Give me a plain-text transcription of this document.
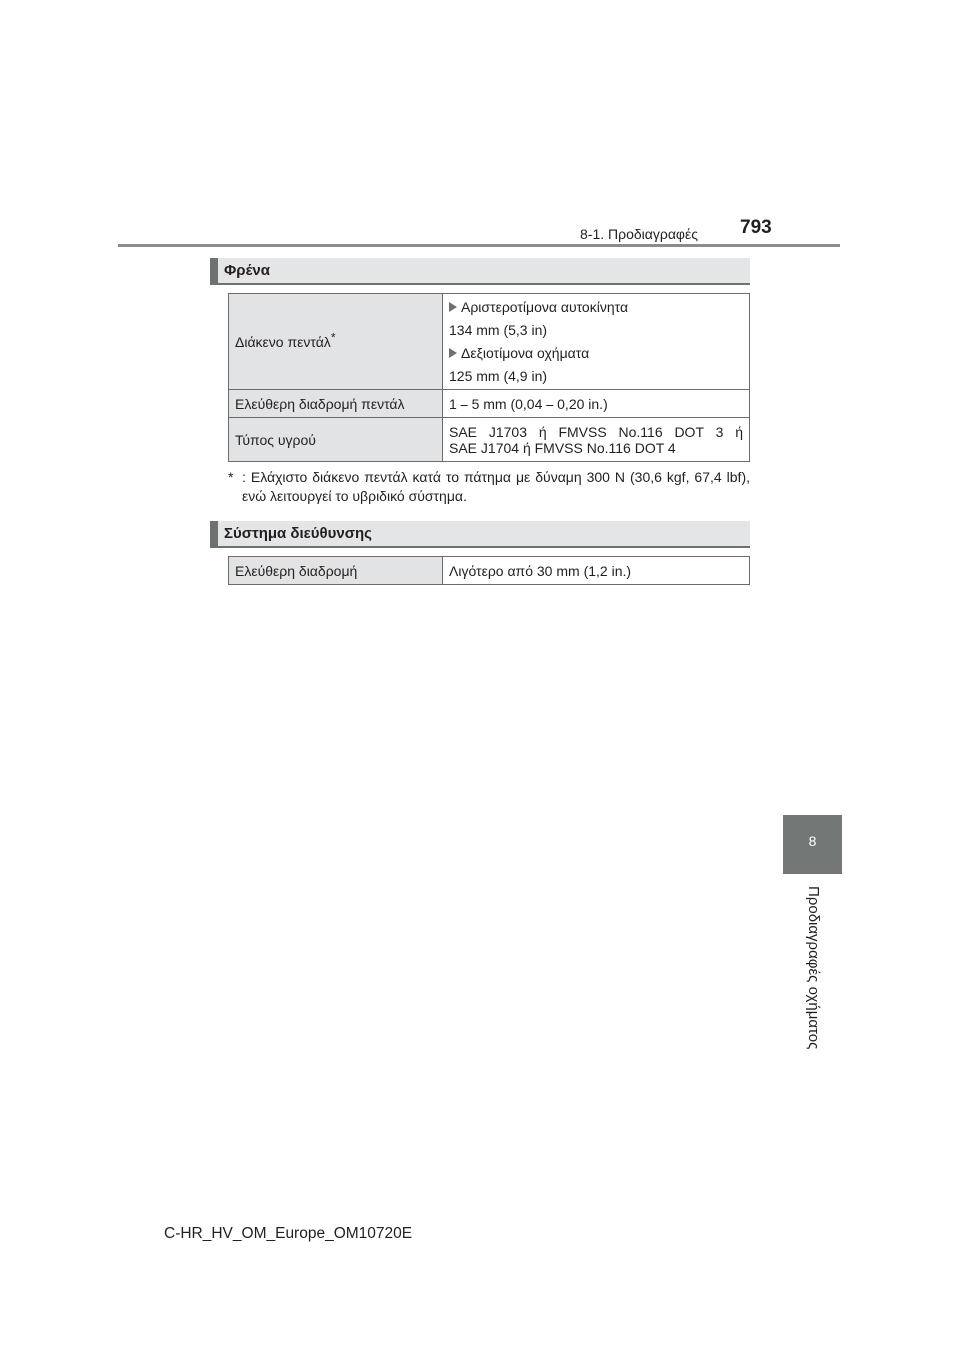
8-1. Προδιαγραφές 793
Φρένα
Διάκενο πεντάλ*	Αριστεροτίμονα αυτοκίνητα

134 mm (5,3 in)

Δεξιοτίμονα οχήματα

125 mm (4,9 in)

Ελεύθερη διαδρομή πεντάλ	1 ⎯ 5 mm (0,04 ⎯ 0,20 in.)
Τύπος υγρού	SAE J1703 ή FMVSS No.116 DOT 3 ή
SAE J1704 ή FMVSS No.116 DOT 4
* : Ελάχιστο διάκενο πεντάλ κατά το πάτημα με δύναμη 300 N (30,6 kgf, 67,4 lbf), ενώ λειτουργεί το υβριδικό σύστημα.
Σύστημα διεύθυνσης
Ελεύθερη διαδρομή	Λιγότερο από 30 mm (1,2 in.)
8
Προδιαγραφές οχήματος
C-HR_HV_OM_Europe_OM10720E
